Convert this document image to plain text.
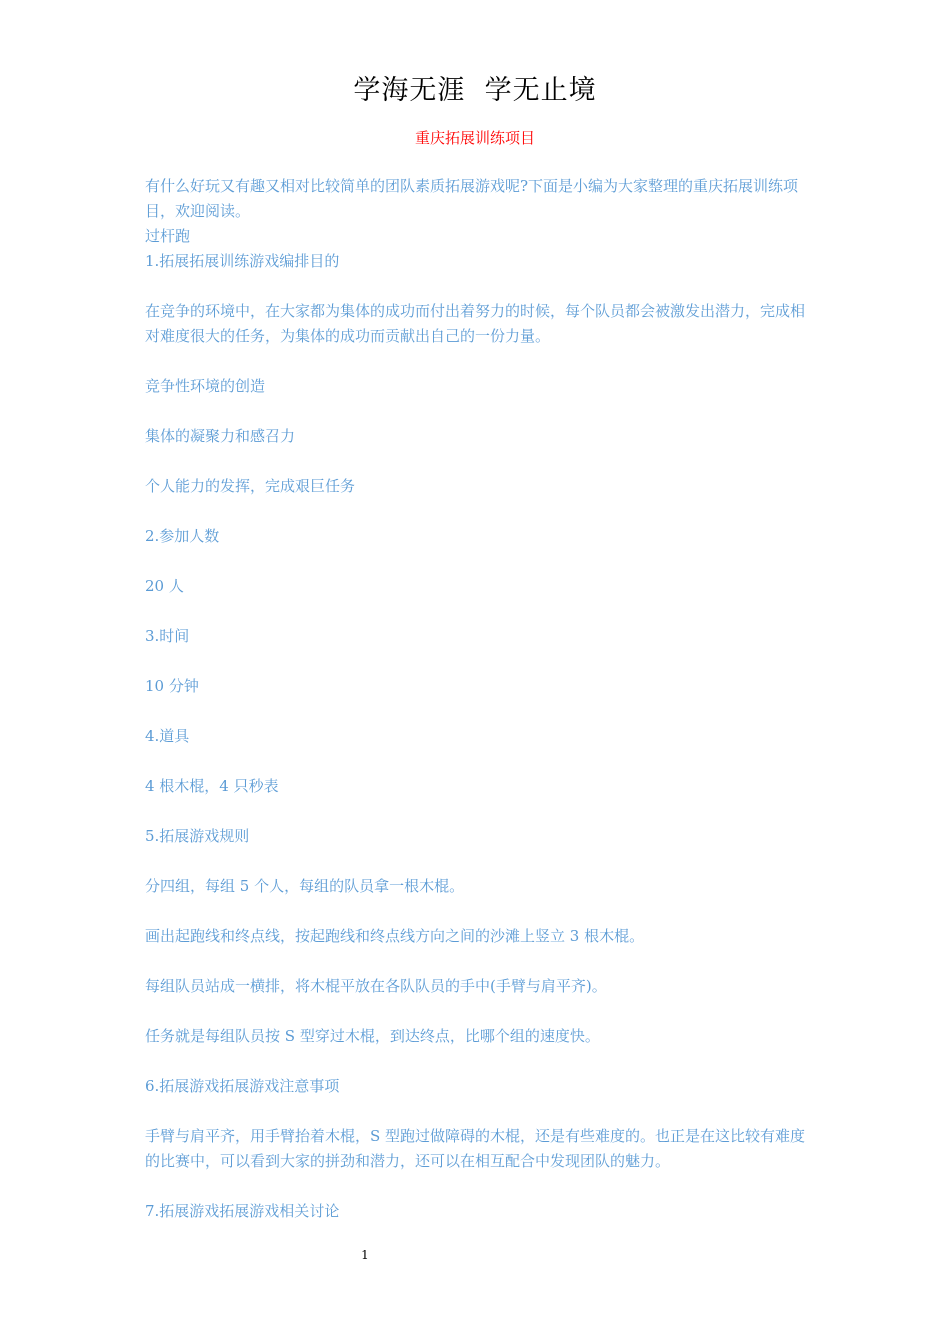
学海无涯  学无止境
重庆拓展训练项目

有什么好玩又有趣又相对比较简单的团队素质拓展游戏呢?下面是小编为大家整理的重庆拓展训练项目，欢迎阅读。

过杆跑

1.拓展拓展训练游戏编排目的

在竞争的环境中，在大家都为集体的成功而付出着努力的时候，每个队员都会被激发出潜力，完成相对难度很大的任务，为集体的成功而贡献出自己的一份力量。

竞争性环境的创造

集体的凝聚力和感召力

个人能力的发挥，完成艰巨任务

2.参加人数

20 人

3.时间

10 分钟

4.道具

4 根木棍，4 只秒表

5.拓展游戏规则

分四组，每组 5 个人，每组的队员拿一根木棍。

画出起跑线和终点线，按起跑线和终点线方向之间的沙滩上竖立 3 根木棍。

每组队员站成一横排，将木棍平放在各队队员的手中(手臂与肩平齐)。

任务就是每组队员按 S 型穿过木棍，到达终点，比哪个组的速度快。

6.拓展游戏拓展游戏注意事项

手臂与肩平齐，用手臂抬着木棍，S 型跑过做障碍的木棍，还是有些难度的。也正是在这比较有难度的比赛中，可以看到大家的拼劲和潜力，还可以在相互配合中发现团队的魅力。

7.拓展游戏拓展游戏相关讨论

1
